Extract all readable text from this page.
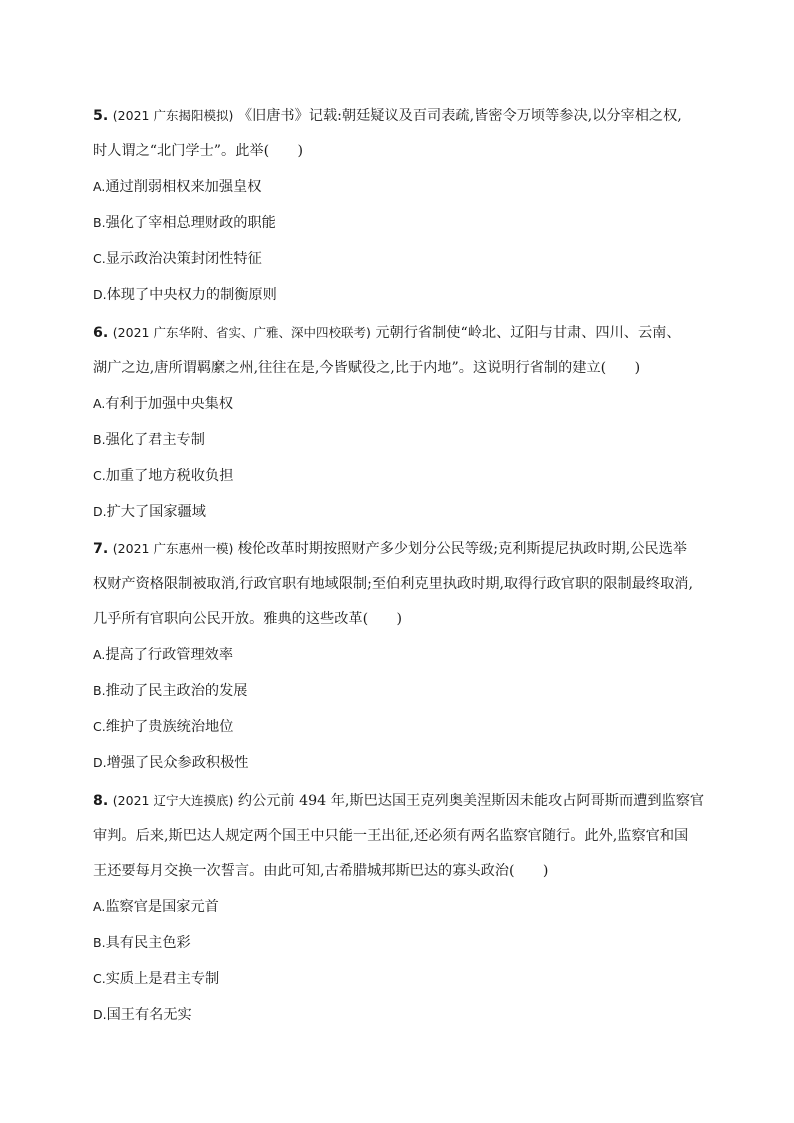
5. (2021 广东揭阳模拟) 《旧唐书》记载:朝廷疑议及百司表疏,皆密令万顷等参决,以分宰相之权,
时人谓之“北门学士”。此举(　　)
A.通过削弱相权来加强皇权
B.强化了宰相总理财政的职能
C.显示政治决策封闭性特征
D.体现了中央权力的制衡原则
6. (2021 广东华附、省实、广雅、深中四校联考) 元朝行省制使“岭北、辽阳与甘肃、四川、云南、
湖广之边,唐所谓羁縻之州,往往在是,今皆赋役之,比于内地”。这说明行省制的建立(　　)
A.有利于加强中央集权
B.强化了君主专制
C.加重了地方税收负担
D.扩大了国家疆域
7. (2021 广东惠州一模) 梭伦改革时期按照财产多少划分公民等级;克利斯提尼执政时期,公民选举
权财产资格限制被取消,行政官职有地域限制;至伯利克里执政时期,取得行政官职的限制最终取消,
几乎所有官职向公民开放。雅典的这些改革(　　)
A.提高了行政管理效率
B.推动了民主政治的发展
C.维护了贵族统治地位
D.增强了民众参政积极性
8. (2021 辽宁大连摸底) 约公元前 494 年,斯巴达国王克列奥美涅斯因未能攻占阿哥斯而遭到监察官
审判。后来,斯巴达人规定两个国王中只能一王出征,还必须有两名监察官随行。此外,监察官和国
王还要每月交换一次誓言。由此可知,古希腊城邦斯巴达的寡头政治(　　)
A.监察官是国家元首
B.具有民主色彩
C.实质上是君主专制
D.国王有名无实
